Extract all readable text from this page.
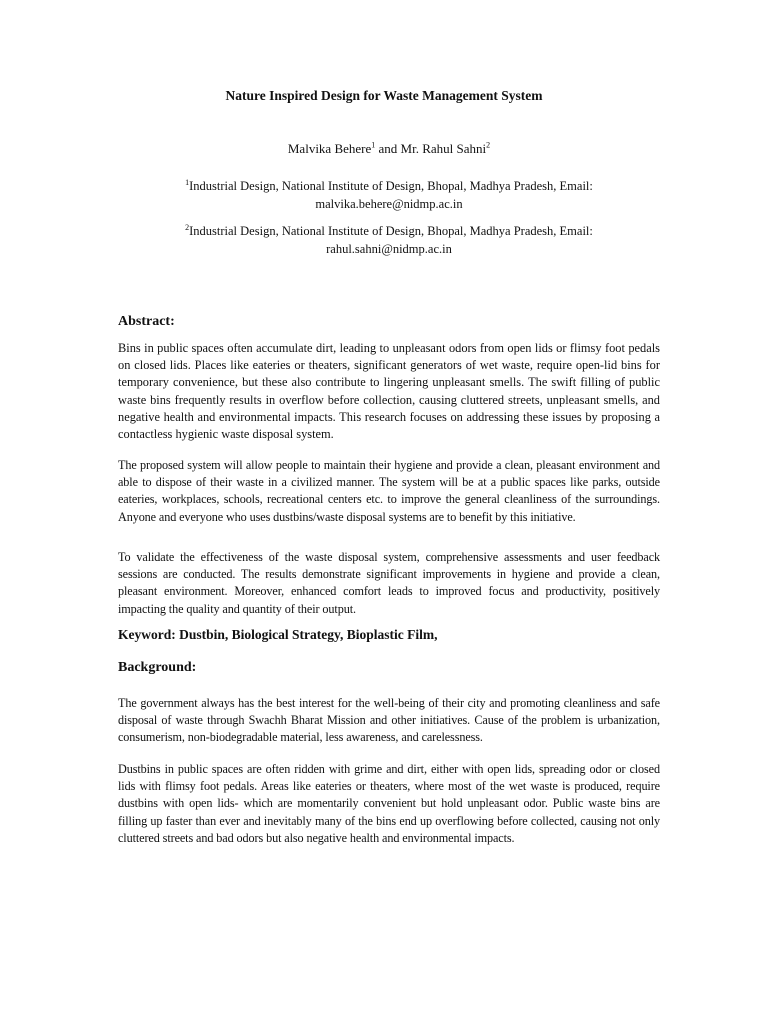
Nature Inspired Design for Waste Management System
Malvika Behere$^1$ and Mr. Rahul Sahni$^2$
$^1$Industrial Design, National Institute of Design, Bhopal, Madhya Pradesh, Email:
malvika.behere@nidmp.ac.in
$^2$Industrial Design, National Institute of Design, Bhopal, Madhya Pradesh, Email:
rahul.sahni@nidmp.ac.in
Abstract:
Bins in public spaces often accumulate dirt, leading to unpleasant odors from open lids or flimsy foot pedals on closed lids. Places like eateries or theaters, significant generators of wet waste, require open-lid bins for temporary convenience, but these also contribute to lingering unpleasant smells. The swift filling of public waste bins frequently results in overflow before collection, causing cluttered streets, unpleasant smells, and negative health and environmental impacts. This research focuses on addressing these issues by proposing a contactless hygienic waste disposal system.
The proposed system will allow people to maintain their hygiene and provide a clean, pleasant environment and able to dispose of their waste in a civilized manner. The system will be at a public spaces like parks, outside eateries, workplaces, schools, recreational centers etc. to improve the general cleanliness of the surroundings. Anyone and everyone who uses dustbins/waste disposal systems are to benefit by this initiative.
To validate the effectiveness of the waste disposal system, comprehensive assessments and user feedback sessions are conducted. The results demonstrate significant improvements in hygiene and provide a clean, pleasant environment. Moreover, enhanced comfort leads to improved focus and productivity, positively impacting the quality and quantity of their output.
Keyword: Dustbin, Biological Strategy, Bioplastic Film,
Background:
The government always has the best interest for the well-being of their city and promoting cleanliness and safe disposal of waste through Swachh Bharat Mission and other initiatives. Cause of the problem is urbanization, consumerism, non-biodegradable material, less awareness, and carelessness.
Dustbins in public spaces are often ridden with grime and dirt, either with open lids, spreading odor or closed lids with flimsy foot pedals. Areas like eateries or theaters, where most of the wet waste is produced, require dustbins with open lids- which are momentarily convenient but hold unpleasant odor. Public waste bins are filling up faster than ever and inevitably many of the bins end up overflowing before collected, causing not only cluttered streets and bad odors but also negative health and environmental impacts.
